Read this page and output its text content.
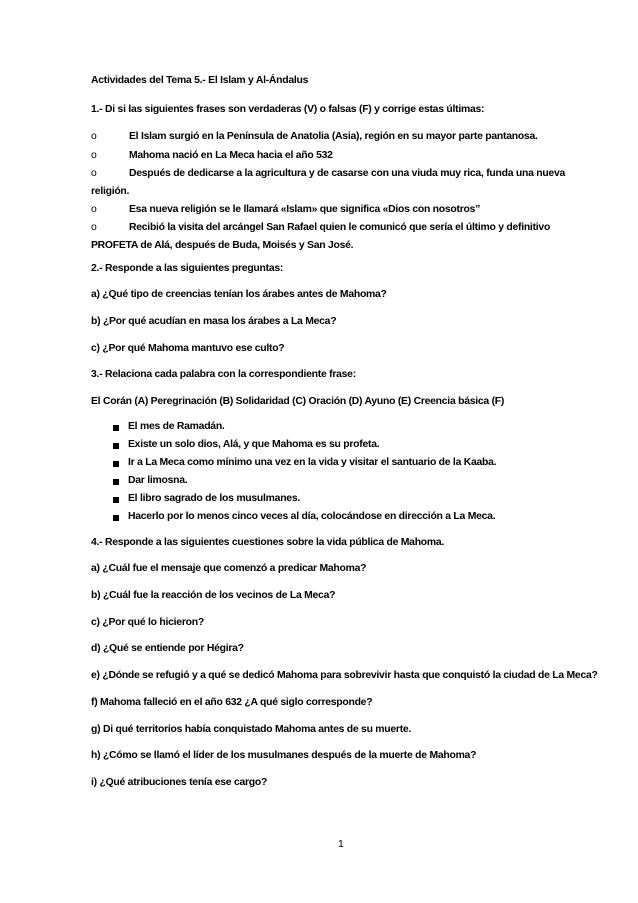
Actividades del Tema 5.- El Islam y Al-Ándalus
1.- Di si las siguientes frases son verdaderas (V) o falsas (F) y corrige estas últimas:
o	El Islam surgió en la Península de Anatolia (Asia), región en su mayor parte pantanosa.
o	Mahoma nació en La Meca hacia el año 532
o	Después de dedicarse a la agricultura y de casarse con una viuda muy rica, funda una nueva
religión.
o	Esa nueva religión se le llamará «Islam» que significa «Dios con nosotros”
o	Recibió la visita del arcángel San Rafael quien le comunicó que sería el último y definitivo
PROFETA de Alá, después de Buda, Moisés y San José.
2.- Responde a las siguientes preguntas:
a) ¿Qué tipo de creencias tenían los árabes antes de Mahoma?
b) ¿Por qué acudían en masa los árabes a La Meca?
c) ¿Por qué Mahoma mantuvo ese culto?
3.- Relaciona cada palabra con la correspondiente frase:
El Corán (A) Peregrinación (B) Solidaridad (C) Oración (D) Ayuno (E) Creencia básica (F)
El mes de Ramadán.
Existe un solo dios, Alá, y que Mahoma es su profeta.
Ir a La Meca como mínimo una vez en la vida y visitar el santuario de la Kaaba.
Dar limosna.
El libro sagrado de los musulmanes.
Hacerlo por lo menos cinco veces al día, colocándose en dirección a La Meca.
4.- Responde a las siguientes cuestiones sobre la vida pública de Mahoma.
a) ¿Cuál fue el mensaje que comenzó a predicar Mahoma?
b) ¿Cuál fue la reacción de los vecinos de La Meca?
c) ¿Por qué lo hicieron?
d) ¿Qué se entiende por Hégira?
e) ¿Dónde se refugió y a qué se dedicó Mahoma para sobrevivir hasta que conquistó la ciudad de La Meca?
f) Mahoma falleció en el año 632 ¿A qué siglo corresponde?
g) Di qué territorios había conquistado Mahoma antes de su muerte.
h) ¿Cómo se llamó el líder de los musulmanes después de la muerte de Mahoma?
i) ¿Qué atribuciones tenía ese cargo?
1
